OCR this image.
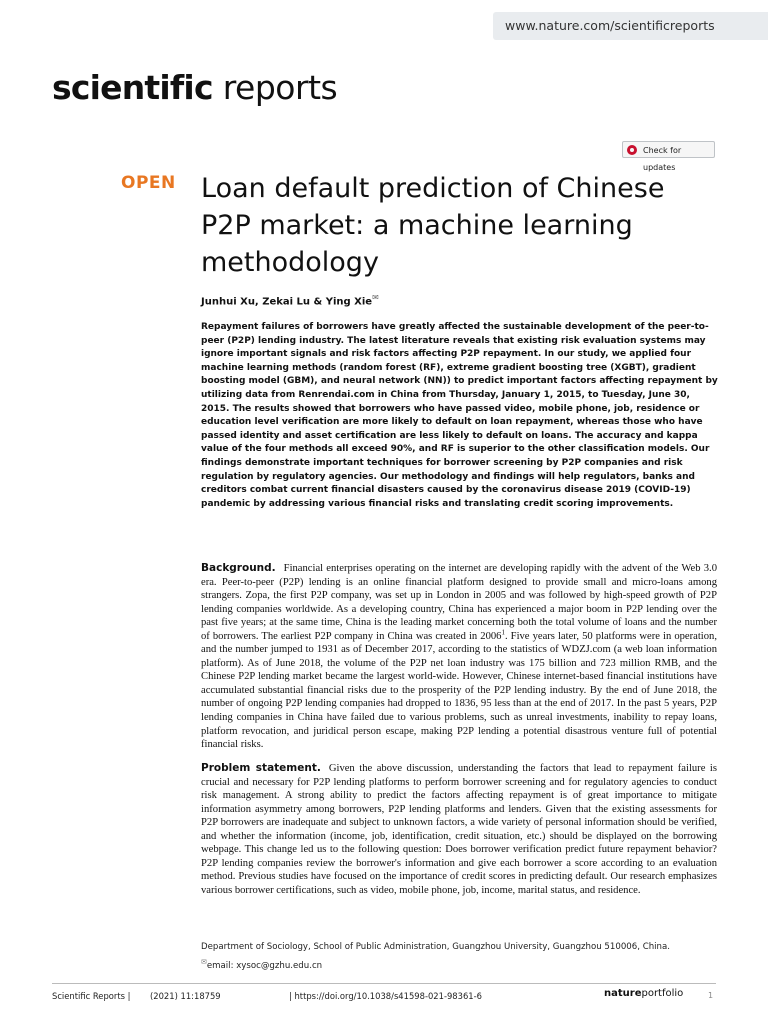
www.nature.com/scientificreports
scientific reports
Check for updates
OPEN Loan default prediction of Chinese P2P market: a machine learning methodology
Junhui Xu, Zekai Lu & Ying Xie✉
Repayment failures of borrowers have greatly affected the sustainable development of the peer-to-peer (P2P) lending industry. The latest literature reveals that existing risk evaluation systems may ignore important signals and risk factors affecting P2P repayment. In our study, we applied four machine learning methods (random forest (RF), extreme gradient boosting tree (XGBT), gradient boosting model (GBM), and neural network (NN)) to predict important factors affecting repayment by utilizing data from Renrendai.com in China from Thursday, January 1, 2015, to Tuesday, June 30, 2015. The results showed that borrowers who have passed video, mobile phone, job, residence or education level verification are more likely to default on loan repayment, whereas those who have passed identity and asset certification are less likely to default on loans. The accuracy and kappa value of the four methods all exceed 90%, and RF is superior to the other classification models. Our findings demonstrate important techniques for borrower screening by P2P companies and risk regulation by regulatory agencies. Our methodology and findings will help regulators, banks and creditors combat current financial disasters caused by the coronavirus disease 2019 (COVID-19) pandemic by addressing various financial risks and translating credit scoring improvements.
Background. Financial enterprises operating on the internet are developing rapidly with the advent of the Web 3.0 era. Peer-to-peer (P2P) lending is an online financial platform designed to provide small and micro-loans among strangers. Zopa, the first P2P company, was set up in London in 2005 and was followed by high-speed growth of P2P lending companies worldwide. As a developing country, China has experienced a major boom in P2P lending over the past five years; at the same time, China is the leading market concerning both the total volume of loans and the number of borrowers. The earliest P2P company in China was created in 2006$^1$. Five years later, 50 platforms were in operation, and the number jumped to 1931 as of December 2017, according to the statistics of WDZJ.com (a web loan information platform). As of June 2018, the volume of the P2P net loan industry was 175 billion and 723 million RMB, and the Chinese P2P lending market became the largest world-wide. However, Chinese internet-based financial institutions have accumulated substantial financial risks due to the prosperity of the P2P lending industry. By the end of June 2018, the number of ongoing P2P lending companies had dropped to 1836, 95 less than at the end of 2017. In the past 5 years, P2P lending companies in China have failed due to various problems, such as unreal investments, inability to repay loans, platform revocation, and juridical person escape, making P2P lending a potential disastrous venture full of potential financial risks.
Problem statement. Given the above discussion, understanding the factors that lead to repayment failure is crucial and necessary for P2P lending platforms to perform borrower screening and for regulatory agencies to conduct risk management. A strong ability to predict the factors affecting repayment is of great importance to mitigate information asymmetry among borrowers, P2P lending platforms and lenders. Given that the existing assessments for P2P borrowers are inadequate and subject to unknown factors, a wide variety of personal information should be verified, and whether the information (income, job, identification, credit situation, etc.) should be displayed on the borrowing webpage. This change led us to the following question: Does borrower verification predict future repayment behavior? P2P lending companies review the borrower's information and give each borrower a score according to an evaluation method. Previous studies have focused on the importance of credit scores in predicting default. Our research emphasizes various borrower certifications, such as video, mobile phone, job, income, marital status, and residence.
Department of Sociology, School of Public Administration, Guangzhou University, Guangzhou 510006, China.
✉email: xysoc@gzhu.edu.cn
Scientific Reports | (2021) 11:18759	| https://doi.org/10.1038/s41598-021-98361-6	natureportfolio	1
